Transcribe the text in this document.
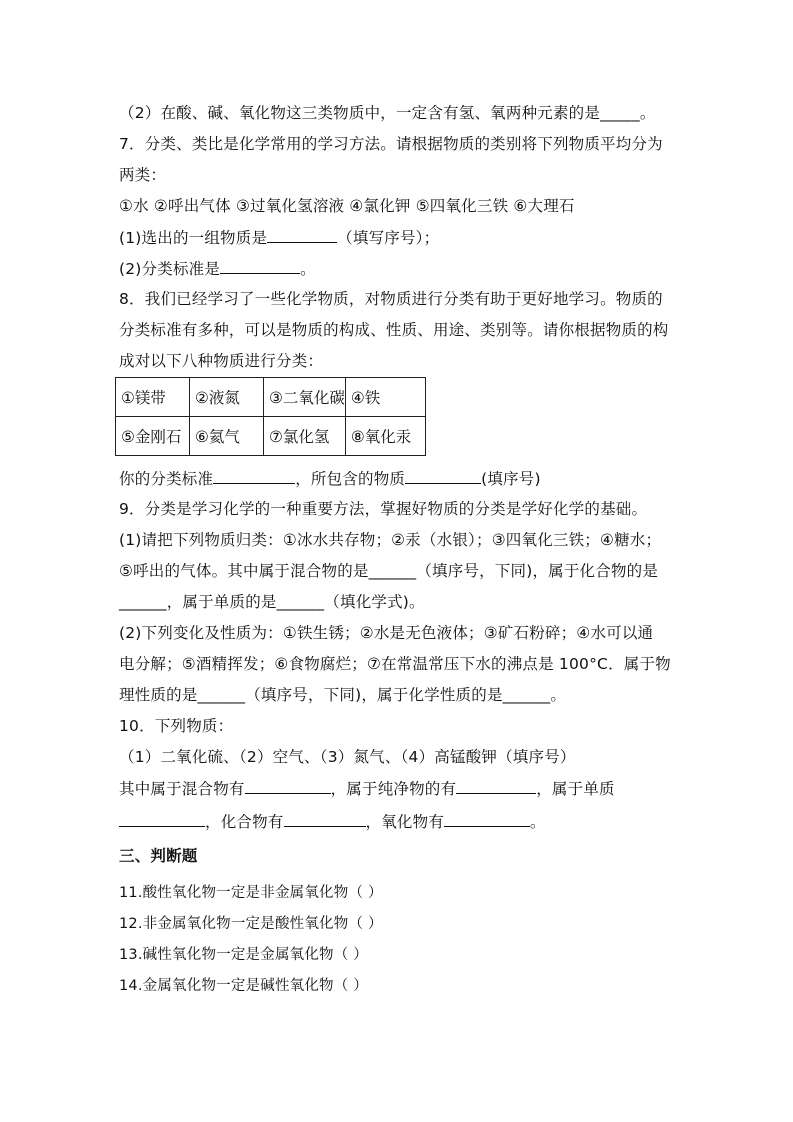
（2）在酸、碱、氧化物这三类物质中，一定含有氢、氧两种元素的是_____。
7．分类、类比是化学常用的学习方法。请根据物质的类别将下列物质平均分为
两类：
①水 ②呼出气体 ③过氧化氢溶液 ④氯化钾 ⑤四氧化三铁 ⑥大理石
(1)选出的一组物质是	（填写序号）；
(2)分类标准是	。
8．我们已经学习了一些化学物质，对物质进行分类有助于更好地学习。物质的
分类标准有多种，可以是物质的构成、性质、用途、类别等。请你根据物质的构
成对以下八种物质进行分类：
①镁带	②液氮	③二氧化碳	④铁
⑤金刚石	⑥氦气	⑦氯化氢	⑧氧化汞
你的分类标准	，所包含的物质	(填序号)
9．分类是学习化学的一种重要方法，掌握好物质的分类是学好化学的基础。
(1)请把下列物质归类：①冰水共存物；②汞（水银）；③四氧化三铁；④糖水；
⑤呼出的气体。其中属于混合物的是______（填序号，下同)，属于化合物的是
______，属于单质的是______（填化学式)。
(2)下列变化及性质为：①铁生锈；②水是无色液体；③矿石粉碎；④水可以通
电分解；⑤酒精挥发；⑥食物腐烂；⑦在常温常压下水的沸点是 100°C．属于物
理性质的是______（填序号，下同)，属于化学性质的是______。
10．下列物质：
（1）二氧化硫、（2）空气、（3）氮气、（4）高锰酸钾（填序号）
其中属于混合物有	，属于纯净物的有	，属于单质
，化合物有	，氧化物有	。
三、判断题
11.酸性氧化物一定是非金属氧化物（ ）
12.非金属氧化物一定是酸性氧化物（ ）
13.碱性氧化物一定是金属氧化物（ ）
14.金属氧化物一定是碱性氧化物（ ）
